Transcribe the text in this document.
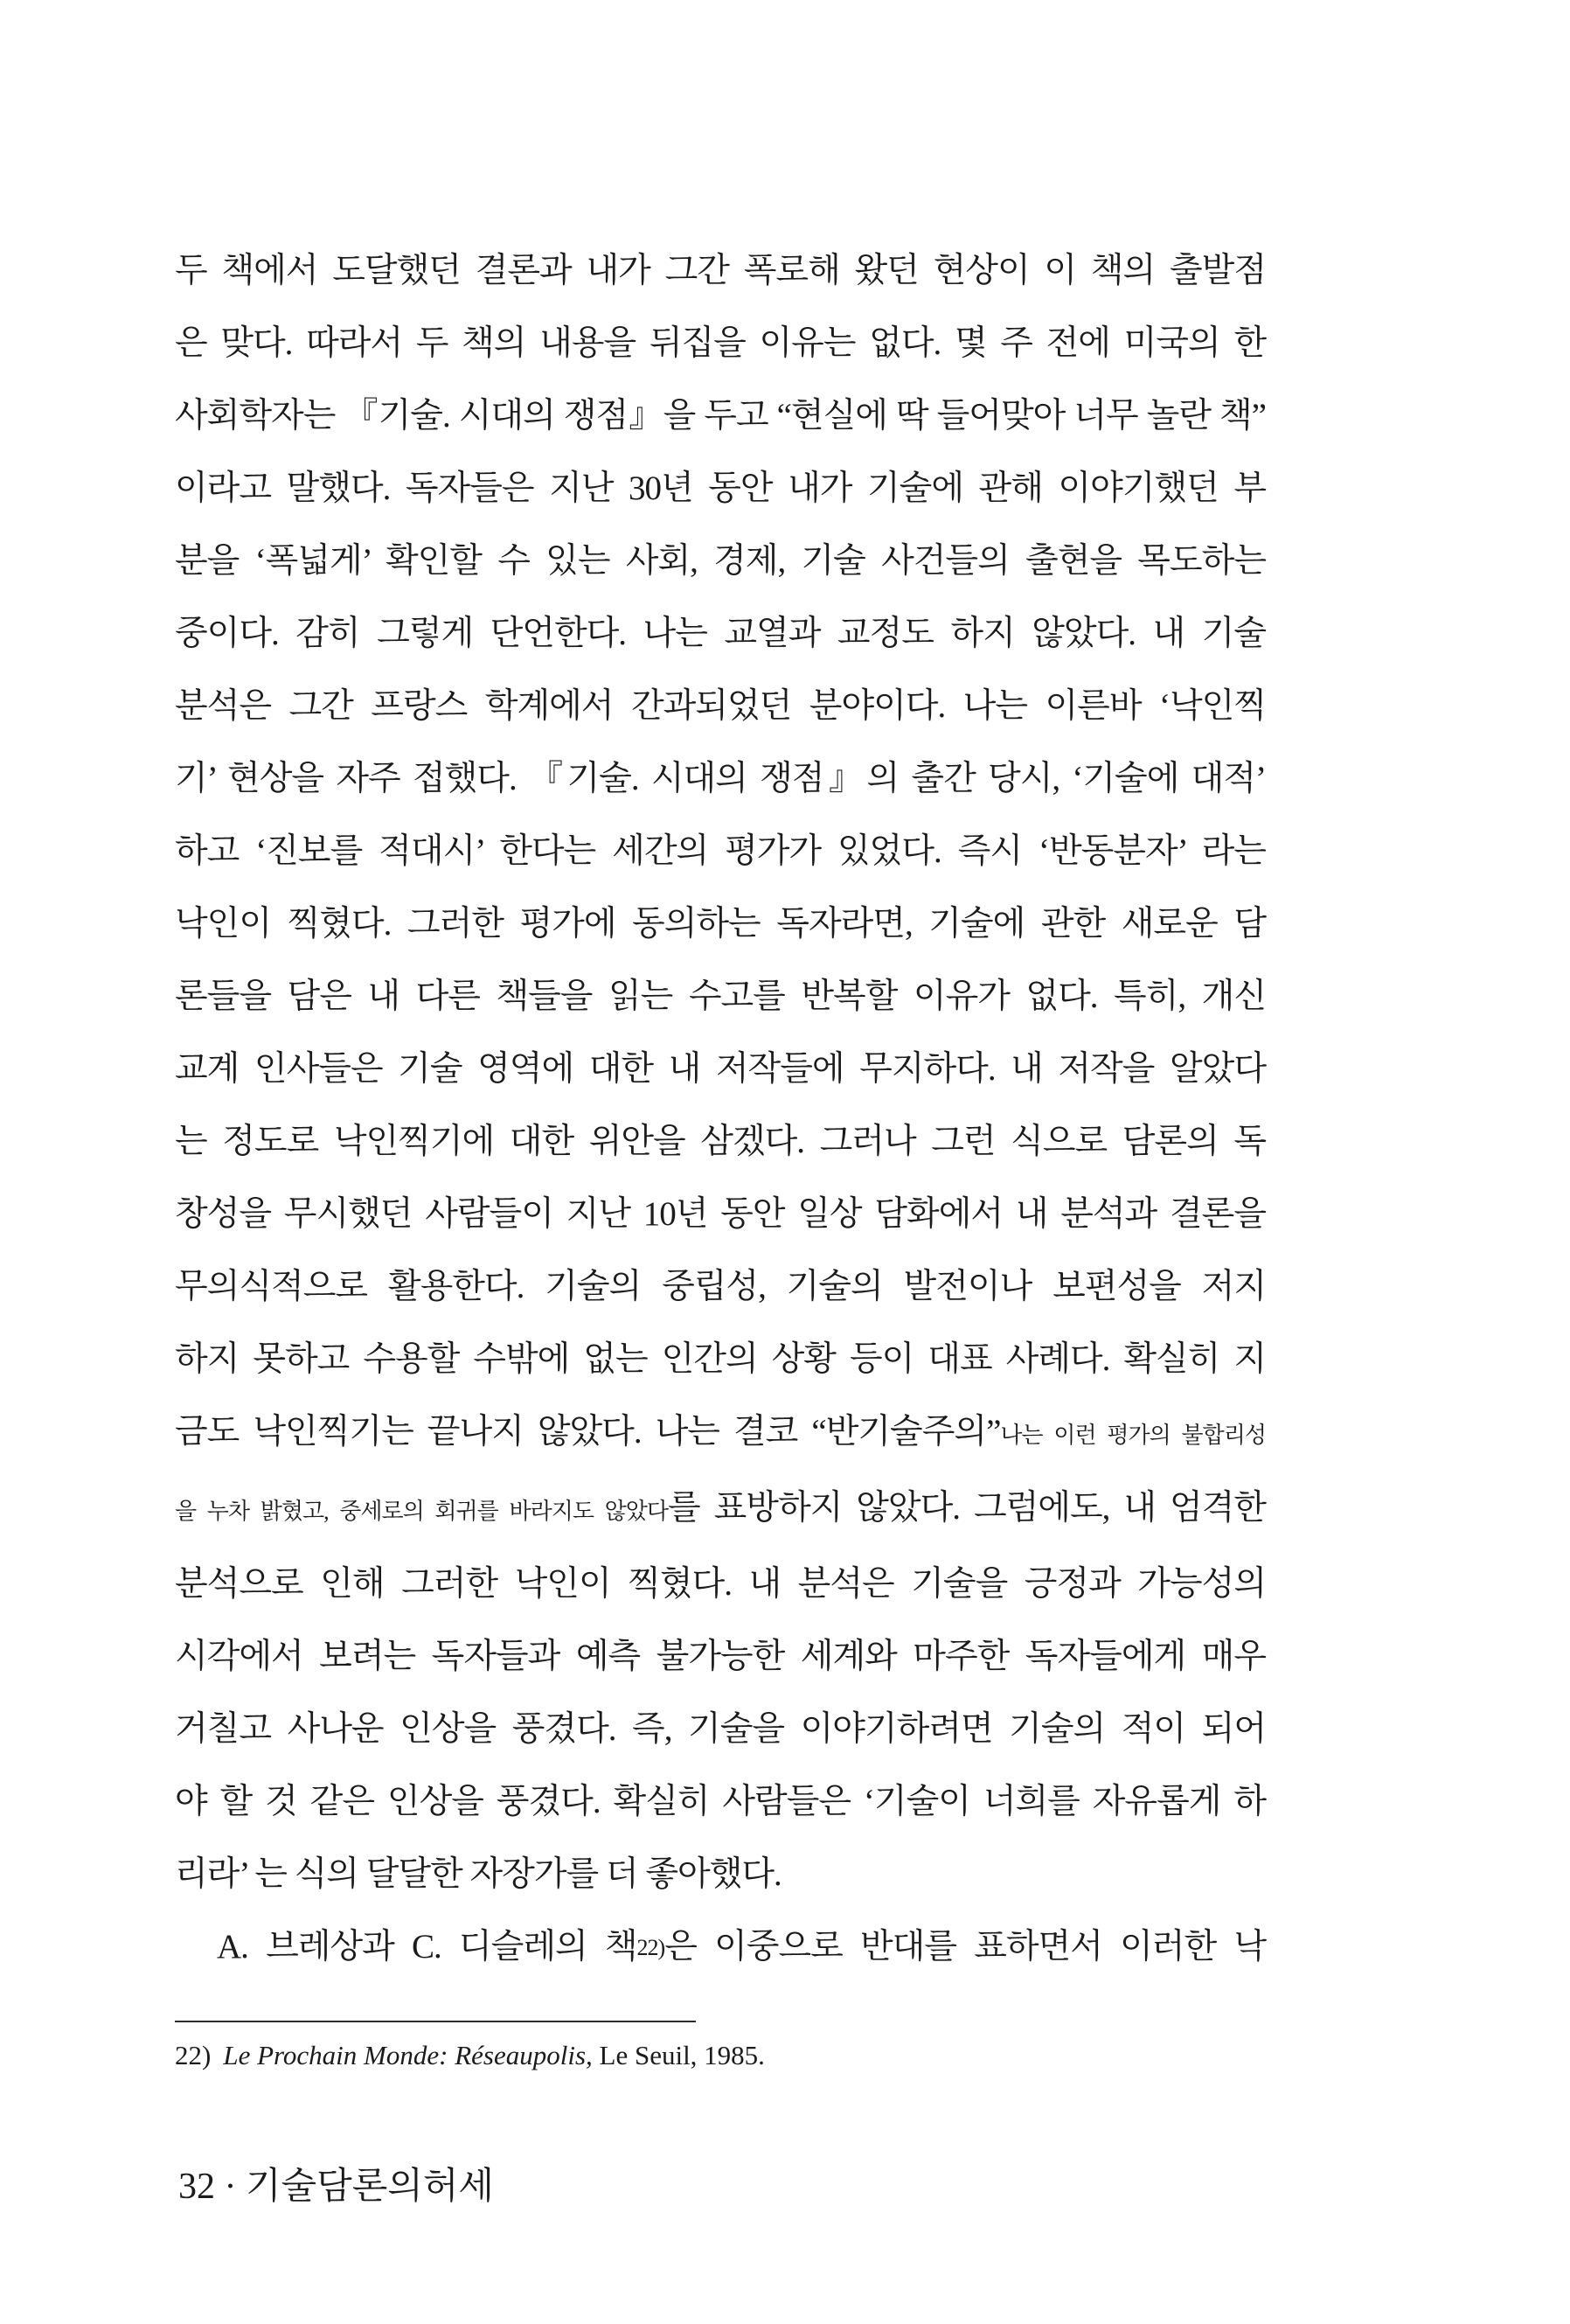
두 책에서 도달했던 결론과 내가 그간 폭로해 왔던 현상이 이 책의 출발점

은 맞다. 따라서 두 책의 내용을 뒤집을 이유는 없다. 몇 주 전에 미국의 한

사회학자는 『기술. 시대의 쟁점』을 두고 “현실에 딱 들어맞아 너무 놀란 책”

이라고 말했다. 독자들은 지난 30년 동안 내가 기술에 관해 이야기했던 부

분을 ‘폭넓게’ 확인할 수 있는 사회, 경제, 기술 사건들의 출현을 목도하는

중이다. 감히 그렇게 단언한다. 나는 교열과 교정도 하지 않았다. 내 기술

분석은 그간 프랑스 학계에서 간과되었던 분야이다. 나는 이른바 ‘낙인찍

기’ 현상을 자주 접했다. 『기술. 시대의 쟁점』의 출간 당시, ‘기술에 대적’

하고 ‘진보를 적대시’ 한다는 세간의 평가가 있었다. 즉시 ‘반동분자’ 라는

낙인이 찍혔다. 그러한 평가에 동의하는 독자라면, 기술에 관한 새로운 담

론들을 담은 내 다른 책들을 읽는 수고를 반복할 이유가 없다. 특히, 개신

교계 인사들은 기술 영역에 대한 내 저작들에 무지하다. 내 저작을 알았다

는 정도로 낙인찍기에 대한 위안을 삼겠다. 그러나 그런 식으로 담론의 독

창성을 무시했던 사람들이 지난 10년 동안 일상 담화에서 내 분석과 결론을

무의식적으로 활용한다. 기술의 중립성, 기술의 발전이나 보편성을 저지

하지 못하고 수용할 수밖에 없는 인간의 상황 등이 대표 사례다. 확실히 지

금도 낙인찍기는 끝나지 않았다. 나는 결코 “반기술주의”나는 이런 평가의 불합리성

을 누차 밝혔고, 중세로의 회귀를 바라지도 않았다를 표방하지 않았다. 그럼에도, 내 엄격한

분석으로 인해 그러한 낙인이 찍혔다. 내 분석은 기술을 긍정과 가능성의

시각에서 보려는 독자들과 예측 불가능한 세계와 마주한 독자들에게 매우

거칠고 사나운 인상을 풍겼다. 즉, 기술을 이야기하려면 기술의 적이 되어

야 할 것 같은 인상을 풍겼다. 확실히 사람들은 ‘기술이 너희를 자유롭게 하

리라’ 는 식의 달달한 자장가를 더 좋아했다.

A. 브레상과 C. 디슬레의 책22)은 이중으로 반대를 표하면서 이러한 낙

22) Le Prochain Monde: Réseaupolis, Le Seuil, 1985.
32 · 기술담론의허세
